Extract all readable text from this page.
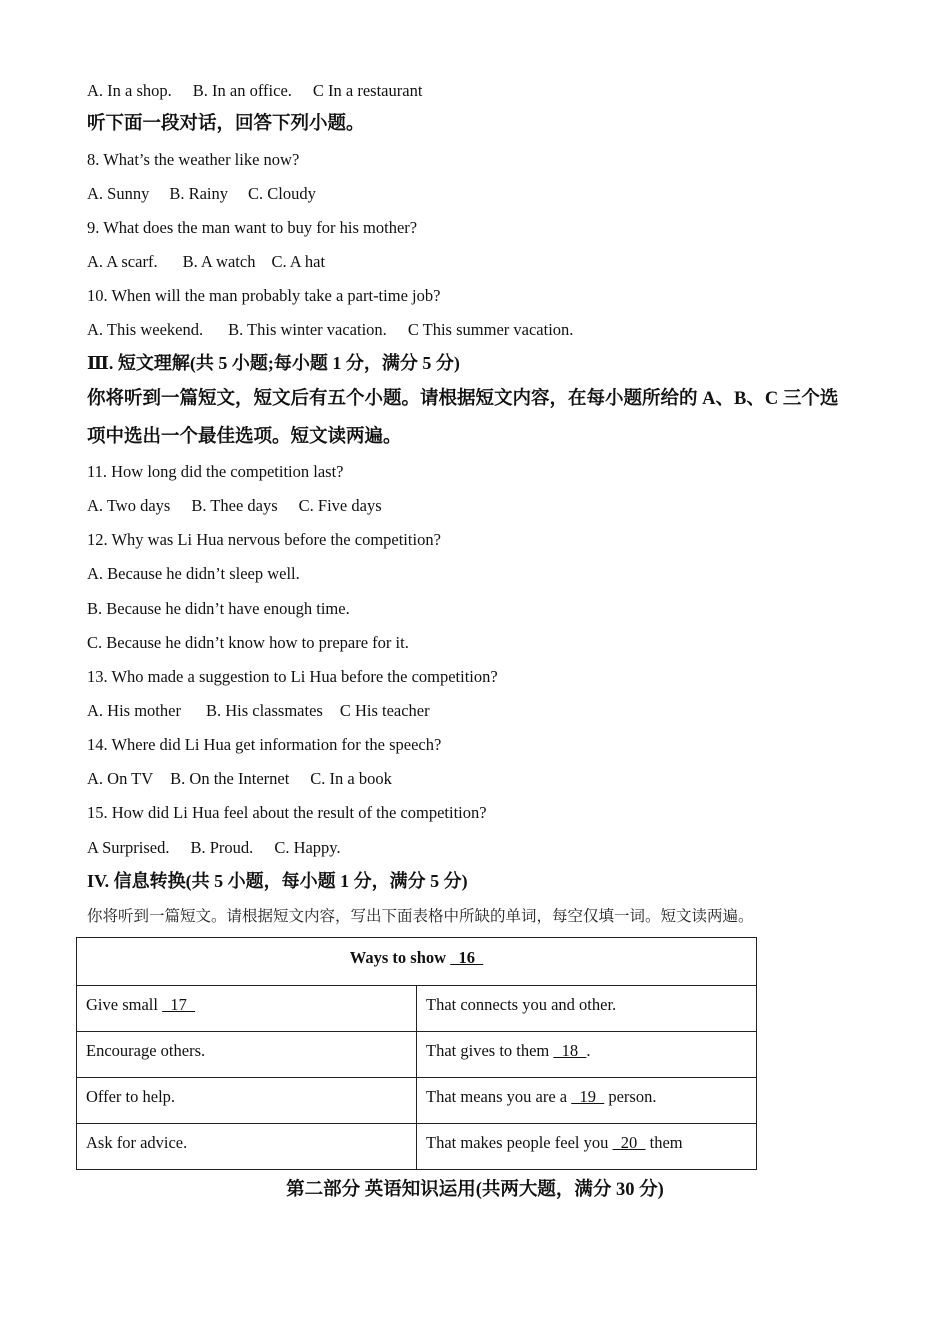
A. In a shop. B. In an office. C In a restaurant
听下面一段对话，回答下列小题。
8. What’s the weather like now?
A. Sunny B. Rainy C. Cloudy
9. What does the man want to buy for his mother?
A. A scarf. B. A watch C. A hat
10. When will the man probably take a part-time job?
A. This weekend. B. This winter vacation. C This summer vacation.
Ⅲ. 短文理解(共 5 小题;每小题 1 分，满分 5 分)
你将听到一篇短文，短文后有五个小题。请根据短文内容，在每小题所给的 A、B、C 三个选
项中选出一个最佳选项。短文读两遍。
11. How long did the competition last?
A. Two days B. Thee days C. Five days
12. Why was Li Hua nervous before the competition?
A. Because he didn’t sleep well.
B. Because he didn’t have enough time.
C. Because he didn’t know how to prepare for it.
13. Who made a suggestion to Li Hua before the competition?
A. His mother B. His classmates C His teacher
14. Where did Li Hua get information for the speech?
A. On TV B. On the Internet C. In a book
15. How did Li Hua feel about the result of the competition?
A Surprised. B. Proud. C. Happy.
IV. 信息转换(共 5 小题，每小题 1 分，满分 5 分)
你将听到一篇短文。请根据短文内容，写出下面表格中所缺的单词，每空仅填一词。短文读两遍。
Ways to show   16	
Give small   17	That connects you and other.
Encourage others.	That gives to them   18  .
Offer to help.	That means you are a   19   person.
Ask for advice.	That makes people feel you   20   them
第二部分 英语知识运用(共两大题，满分 30 分)
